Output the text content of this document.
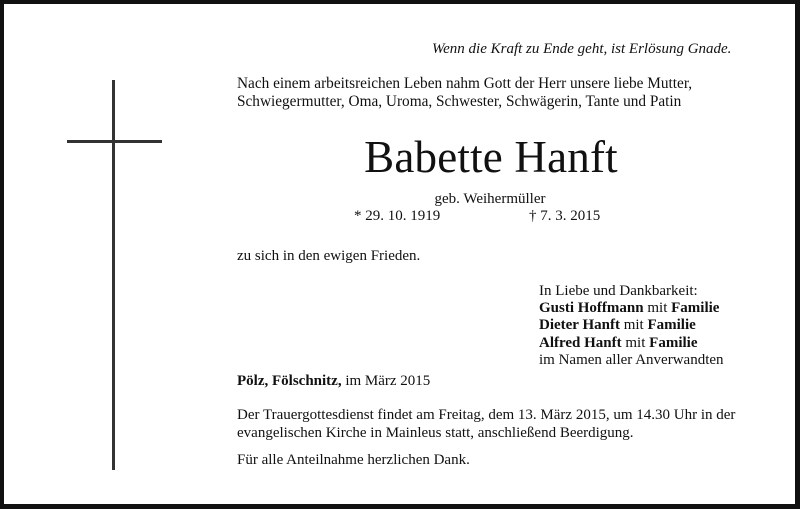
Wenn die Kraft zu Ende geht, ist Erlösung Gnade.
Nach einem arbeitsreichen Leben nahm Gott der Herr unsere liebe Mutter,
Schwiegermutter, Oma, Uroma, Schwester, Schwägerin, Tante und Patin
Babette Hanft
geb. Weihermüller
* 29. 10. 1919	† 7. 3. 2015
zu sich in den ewigen Frieden.
In Liebe und Dankbarkeit:
Gusti Hoffmann mit Familie
Dieter Hanft mit Familie
Alfred Hanft mit Familie
im Namen aller Anverwandten
Pölz, Fölschnitz, im März 2015
Der Trauergottesdienst findet am Freitag, dem 13. März 2015, um 14.30 Uhr in der
evangelischen Kirche in Mainleus statt, anschließend Beerdigung.
Für alle Anteilnahme herzlichen Dank.
